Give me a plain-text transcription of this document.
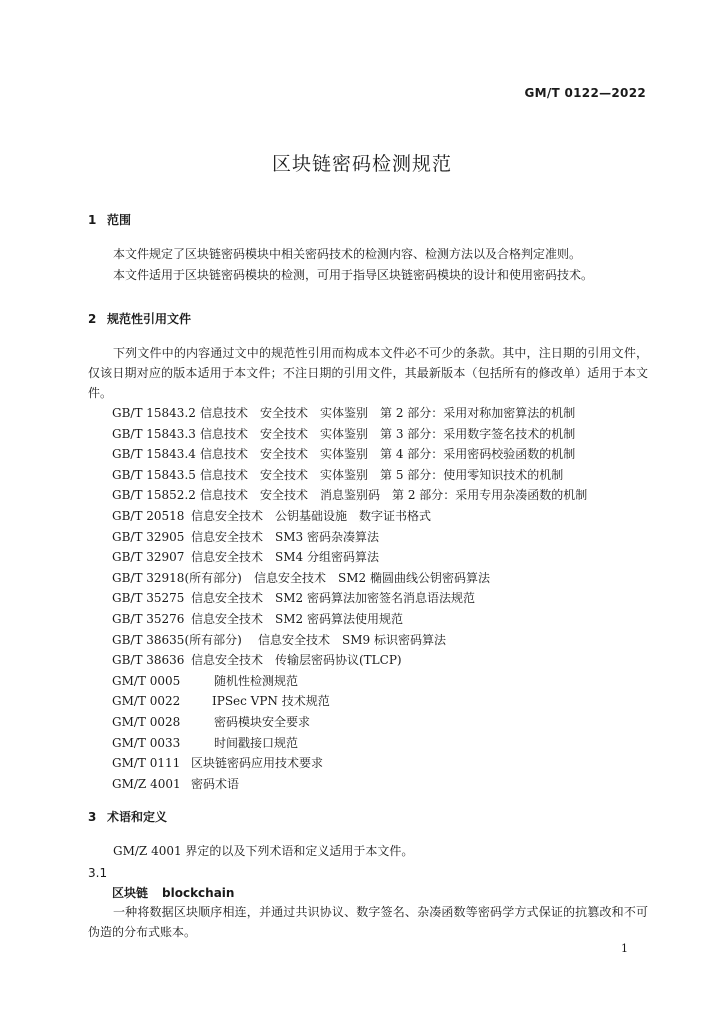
GM/T 0122—2022
区块链密码检测规范
1 范围
本文件规定了区块链密码模块中相关密码技术的检测内容、检测方法以及合格判定准则。
本文件适用于区块链密码模块的检测，可用于指导区块链密码模块的设计和使用密码技术。
2 规范性引用文件
下列文件中的内容通过文中的规范性引用而构成本文件必不可少的条款。其中，注日期的引用文件，仅该日期对应的版本适用于本文件；不注日期的引用文件，其最新版本（包括所有的修改单）适用于本文件。
GB/T 15843.2 信息技术　安全技术　实体鉴别　第 2 部分：采用对称加密算法的机制
GB/T 15843.3 信息技术　安全技术　实体鉴别　第 3 部分：采用数字签名技术的机制
GB/T 15843.4 信息技术　安全技术　实体鉴别　第 4 部分：采用密码校验函数的机制
GB/T 15843.5 信息技术　安全技术　实体鉴别　第 5 部分：使用零知识技术的机制
GB/T 15852.2 信息技术　安全技术　消息鉴别码　第 2 部分：采用专用杂凑函数的机制
GB/T 20518 信息安全技术　公钥基础设施　数字证书格式
GB/T 32905 信息安全技术　SM3 密码杂凑算法
GB/T 32907 信息安全技术　SM4 分组密码算法
GB/T 32918(所有部分) 信息安全技术　SM2 椭圆曲线公钥密码算法
GB/T 35275 信息安全技术　SM2 密码算法加密签名消息语法规范
GB/T 35276 信息安全技术　SM2 密码算法使用规范
GB/T 38635(所有部分) 信息安全技术　SM9 标识密码算法
GB/T 38636 信息安全技术　传输层密码协议(TLCP)
GM/T 0005	随机性检测规范
GM/T 0022	IPSec VPN 技术规范
GM/T 0028	密码模块安全要求
GM/T 0033	时间戳接口规范
GM/T 0111 区块链密码应用技术要求
GM/Z 4001 密码术语
3 术语和定义
GM/Z 4001 界定的以及下列术语和定义适用于本文件。
3.1
区块链 blockchain
一种将数据区块顺序相连，并通过共识协议、数字签名、杂凑函数等密码学方式保证的抗篡改和不可伪造的分布式账本。
1
